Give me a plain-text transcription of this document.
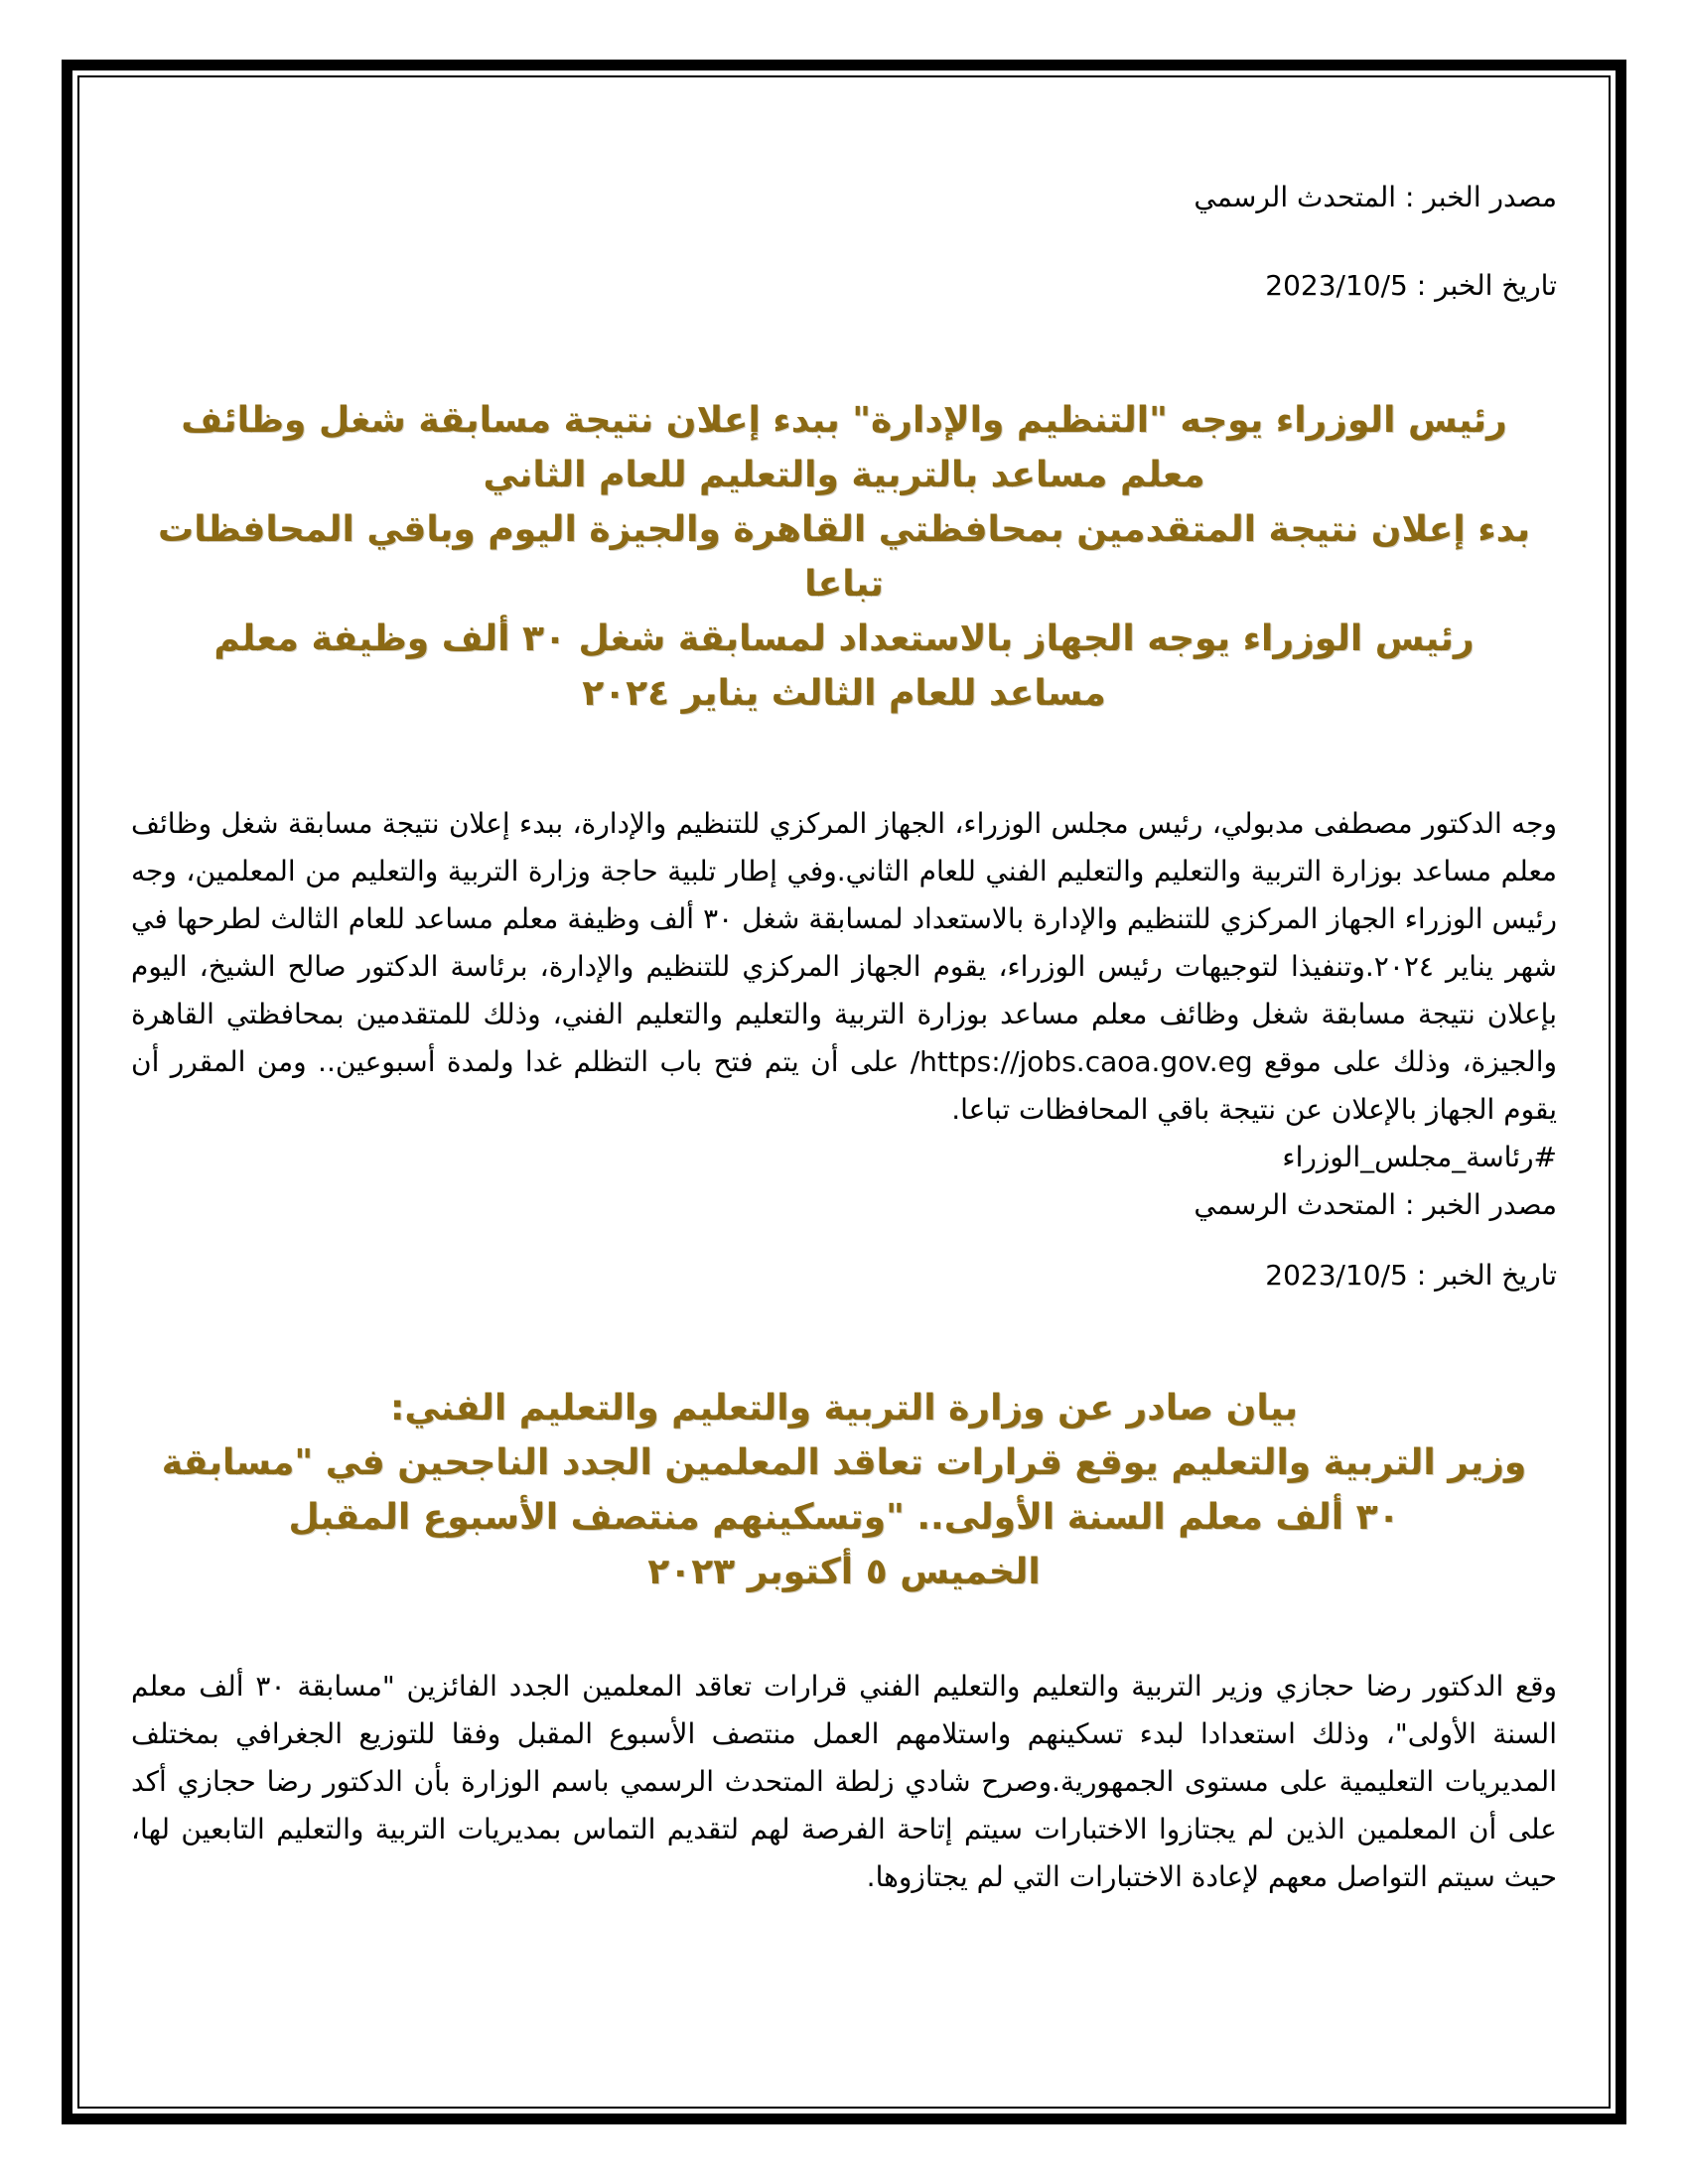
مصدر الخبر : المتحدث الرسمي

تاريخ الخبر : 2023/10/5

رئيس الوزراء يوجه "التنظيم والإدارة" ببدء إعلان نتيجة مسابقة شغل وظائف
معلم مساعد بالتربية والتعليم للعام الثاني
بدء إعلان نتيجة المتقدمين بمحافظتي القاهرة والجيزة اليوم وباقي المحافظات
تباعا
رئيس الوزراء يوجه الجهاز بالاستعداد لمسابقة شغل ٣٠ ألف وظيفة معلم
مساعد للعام الثالث يناير ٢٠٢٤

وجه الدكتور مصطفى مدبولي، رئيس مجلس الوزراء، الجهاز المركزي للتنظيم والإدارة، ببدء إعلان نتيجة مسابقة شغل وظائف معلم مساعد بوزارة التربية والتعليم والتعليم الفني للعام الثاني.وفي إطار تلبية حاجة وزارة التربية والتعليم من المعلمين، وجه رئيس الوزراء الجهاز المركزي للتنظيم والإدارة بالاستعداد لمسابقة شغل ٣٠ ألف وظيفة معلم مساعد للعام الثالث لطرحها في شهر يناير ٢٠٢٤.وتنفيذا لتوجيهات رئيس الوزراء، يقوم الجهاز المركزي للتنظيم والإدارة، برئاسة الدكتور صالح الشيخ، اليوم بإعلان نتيجة مسابقة شغل وظائف معلم مساعد بوزارة التربية والتعليم والتعليم الفني، وذلك للمتقدمين بمحافظتي القاهرة والجيزة، وذلك على موقع https://jobs.caoa.gov.eg/ على أن يتم فتح باب التظلم غدا ولمدة أسبوعين.. ومن المقرر أن يقوم الجهاز بالإعلان عن نتيجة باقي المحافظات تباعا.

#رئاسة_مجلس_الوزراء
مصدر الخبر : المتحدث الرسمي

تاريخ الخبر : 2023/10/5

بيان صادر عن وزارة التربية والتعليم والتعليم الفني:
وزير التربية والتعليم يوقع قرارات تعاقد المعلمين الجدد الناجحين في "مسابقة
٣٠ ألف معلم السنة الأولى.. "وتسكينهم منتصف الأسبوع المقبل
الخميس ٥ أكتوبر ٢٠٢٣

وقع الدكتور رضا حجازي وزير التربية والتعليم والتعليم الفني قرارات تعاقد المعلمين الجدد الفائزين "مسابقة ٣٠ ألف معلم السنة الأولى"، وذلك استعدادا لبدء تسكينهم واستلامهم العمل منتصف الأسبوع المقبل وفقا للتوزيع الجغرافي بمختلف المديريات التعليمية على مستوى الجمهورية.وصرح شادي زلطة المتحدث الرسمي باسم الوزارة بأن الدكتور رضا حجازي أكد على أن المعلمين الذين لم يجتازوا الاختبارات سيتم إتاحة الفرصة لهم لتقديم التماس بمديريات التربية والتعليم التابعين لها، حيث سيتم التواصل معهم لإعادة الاختبارات التي لم يجتازوها.
